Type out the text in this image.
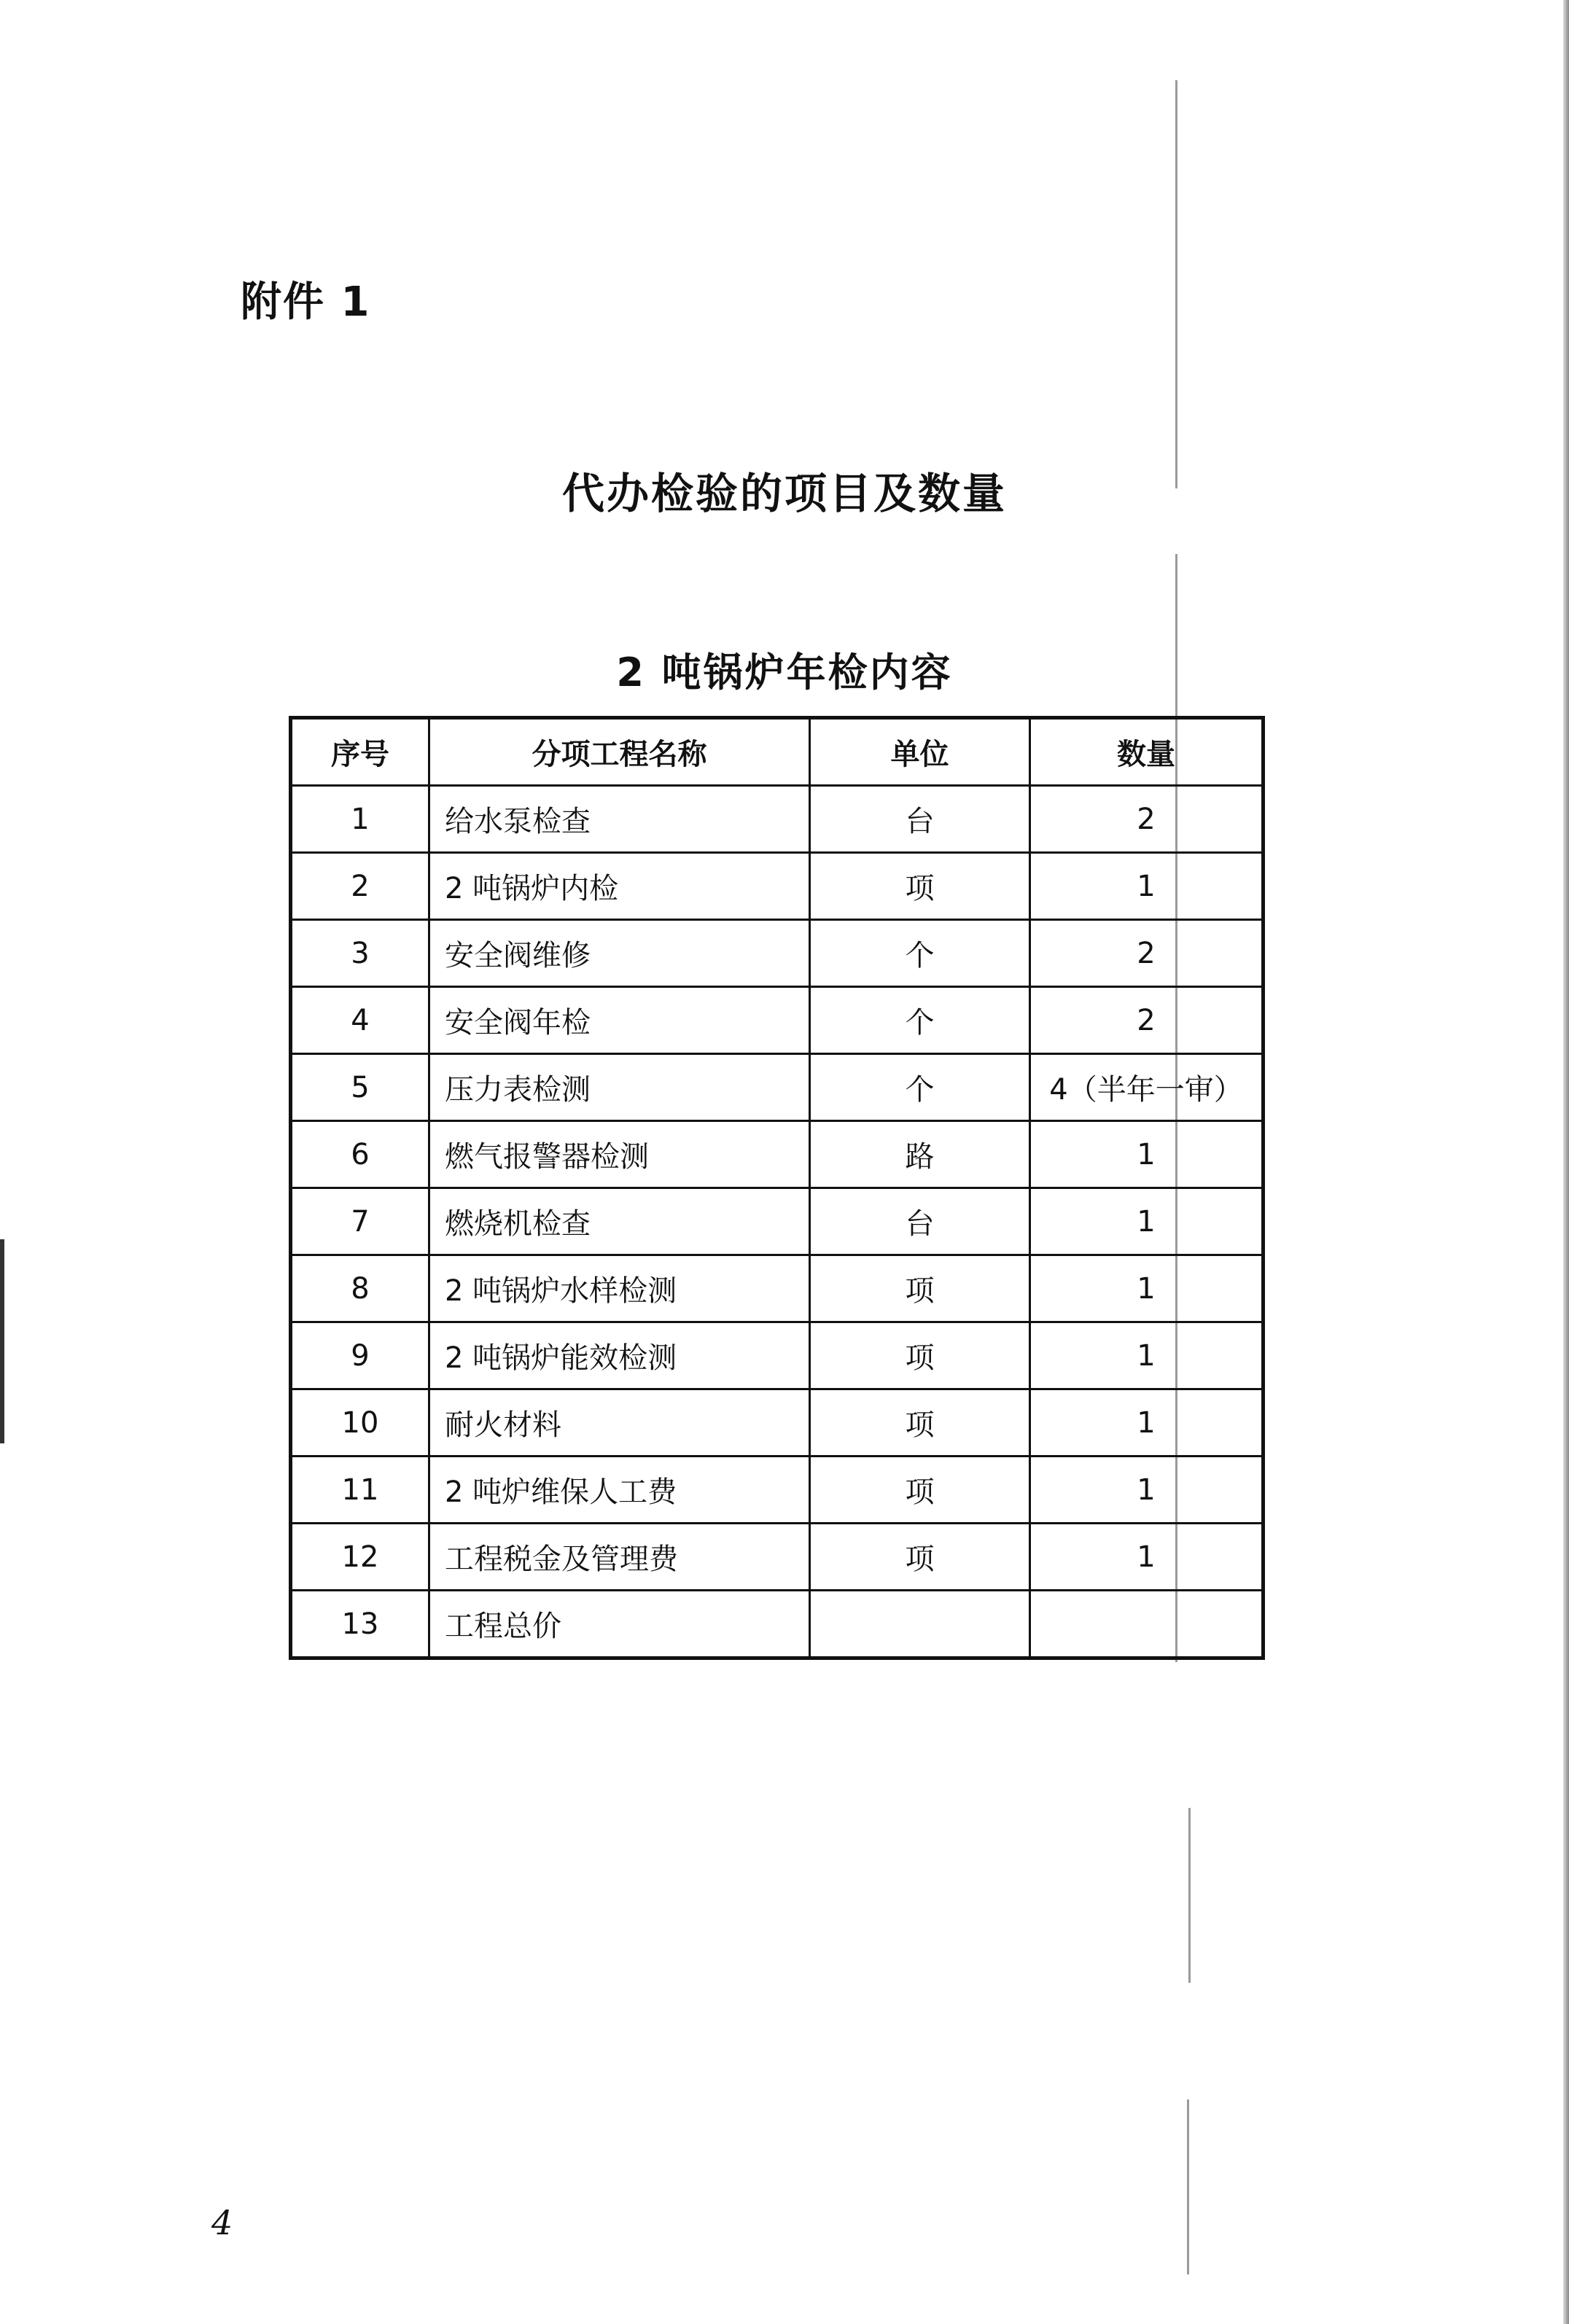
附件 1
代办检验的项目及数量
2 吨锅炉年检内容
序号	分项工程名称	单位	数量
1	给水泵检查	台	2
2	2 吨锅炉内检	项	1
3	安全阀维修	个	2
4	安全阀年检	个	2
5	压力表检测	个	4（半年一审）
6	燃气报警器检测	路	1
7	燃烧机检查	台	1
8	2 吨锅炉水样检测	项	1
9	2 吨锅炉能效检测	项	1
10	耐火材料	项	1
11	2 吨炉维保人工费	项	1
12	工程税金及管理费	项	1
13	工程总价		
4
